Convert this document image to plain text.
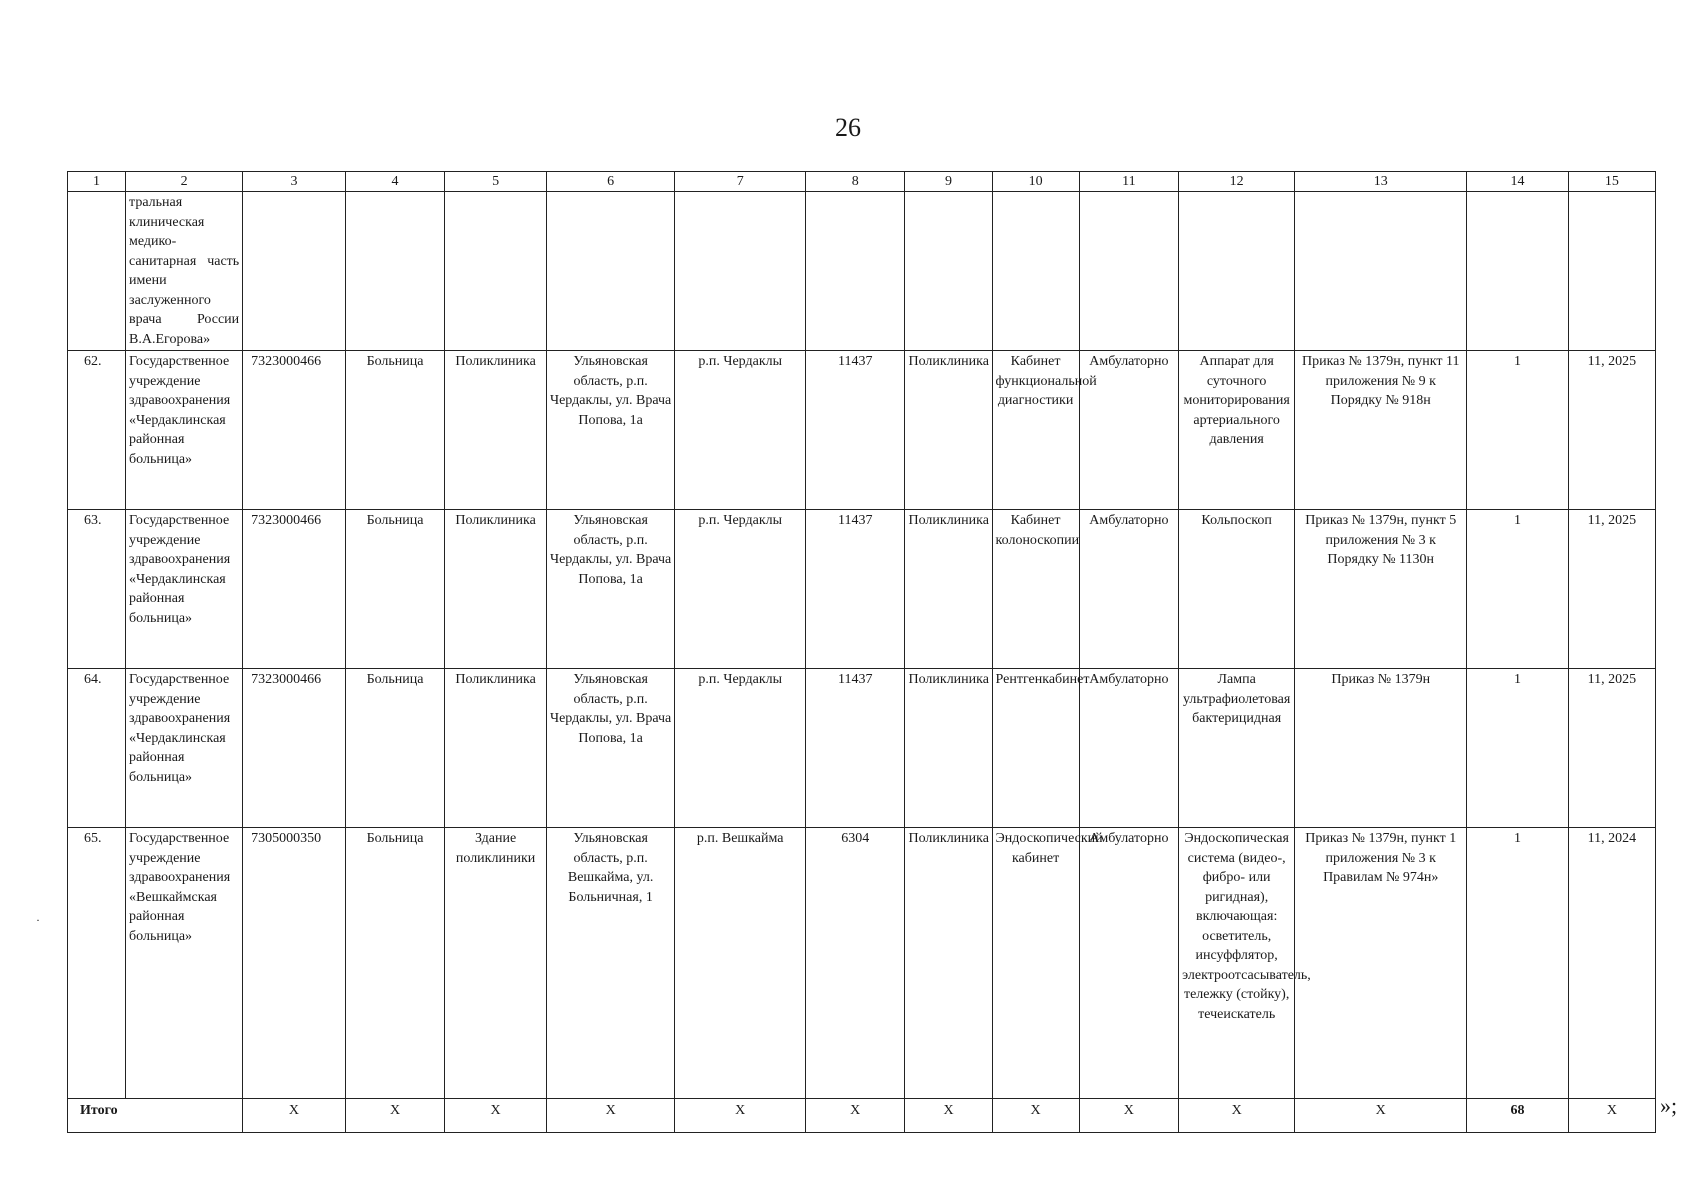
26
1	2	3	4	5	6	7	8	9	10	11	12	13	14	15
	тральная клиническая медико-санитарная часть имени заслуженного врача России В.А.Егорова»													
62.	Государственное учреждение здравоохранения «Чердаклинская районная больница»	7323000466	Больница	Поликлиника	Ульяновская область, р.п. Чердаклы, ул. Врача Попова, 1а	р.п. Чердаклы	11437	Поликлиника	Кабинет функциональной диагностики	Амбулаторно	Аппарат для суточного мониторирования артериального давления	Приказ № 1379н, пункт 11 приложения № 9 к Порядку № 918н	1	11, 2025
63.	Государственное учреждение здравоохранения «Чердаклинская районная больница»	7323000466	Больница	Поликлиника	Ульяновская область, р.п. Чердаклы, ул. Врача Попова, 1а	р.п. Чердаклы	11437	Поликлиника	Кабинет колоноскопии	Амбулаторно	Кольпоскоп	Приказ № 1379н, пункт 5 приложения № 3 к Порядку № 1130н	1	11, 2025
64.	Государственное учреждение здравоохранения «Чердаклинская районная больница»	7323000466	Больница	Поликлиника	Ульяновская область, р.п. Чердаклы, ул. Врача Попова, 1а	р.п. Чердаклы	11437	Поликлиника	Рентгенкабинет	Амбулаторно	Лампа ультрафиолетовая бактерицидная	Приказ № 1379н	1	11, 2025
65.	Государственное учреждение здравоохранения «Вешкаймская районная больница»	7305000350	Больница	Здание поликлиники	Ульяновская область, р.п. Вешкайма, ул. Больничная, 1	р.п. Вешкайма	6304	Поликлиника	Эндоскопический кабинет	Амбулаторно	Эндоскопическая система (видео-, фибро- или ригидная), включающая: осветитель, инсуффлятор, электроотсасыватель, тележку (стойку), течеискатель	Приказ № 1379н, пункт 1 приложения № 3 к Правилам № 974н»	1	11, 2024
Итого		Х	Х	Х	Х	Х	Х	Х	Х	Х	Х	Х	68	Х »;
·
